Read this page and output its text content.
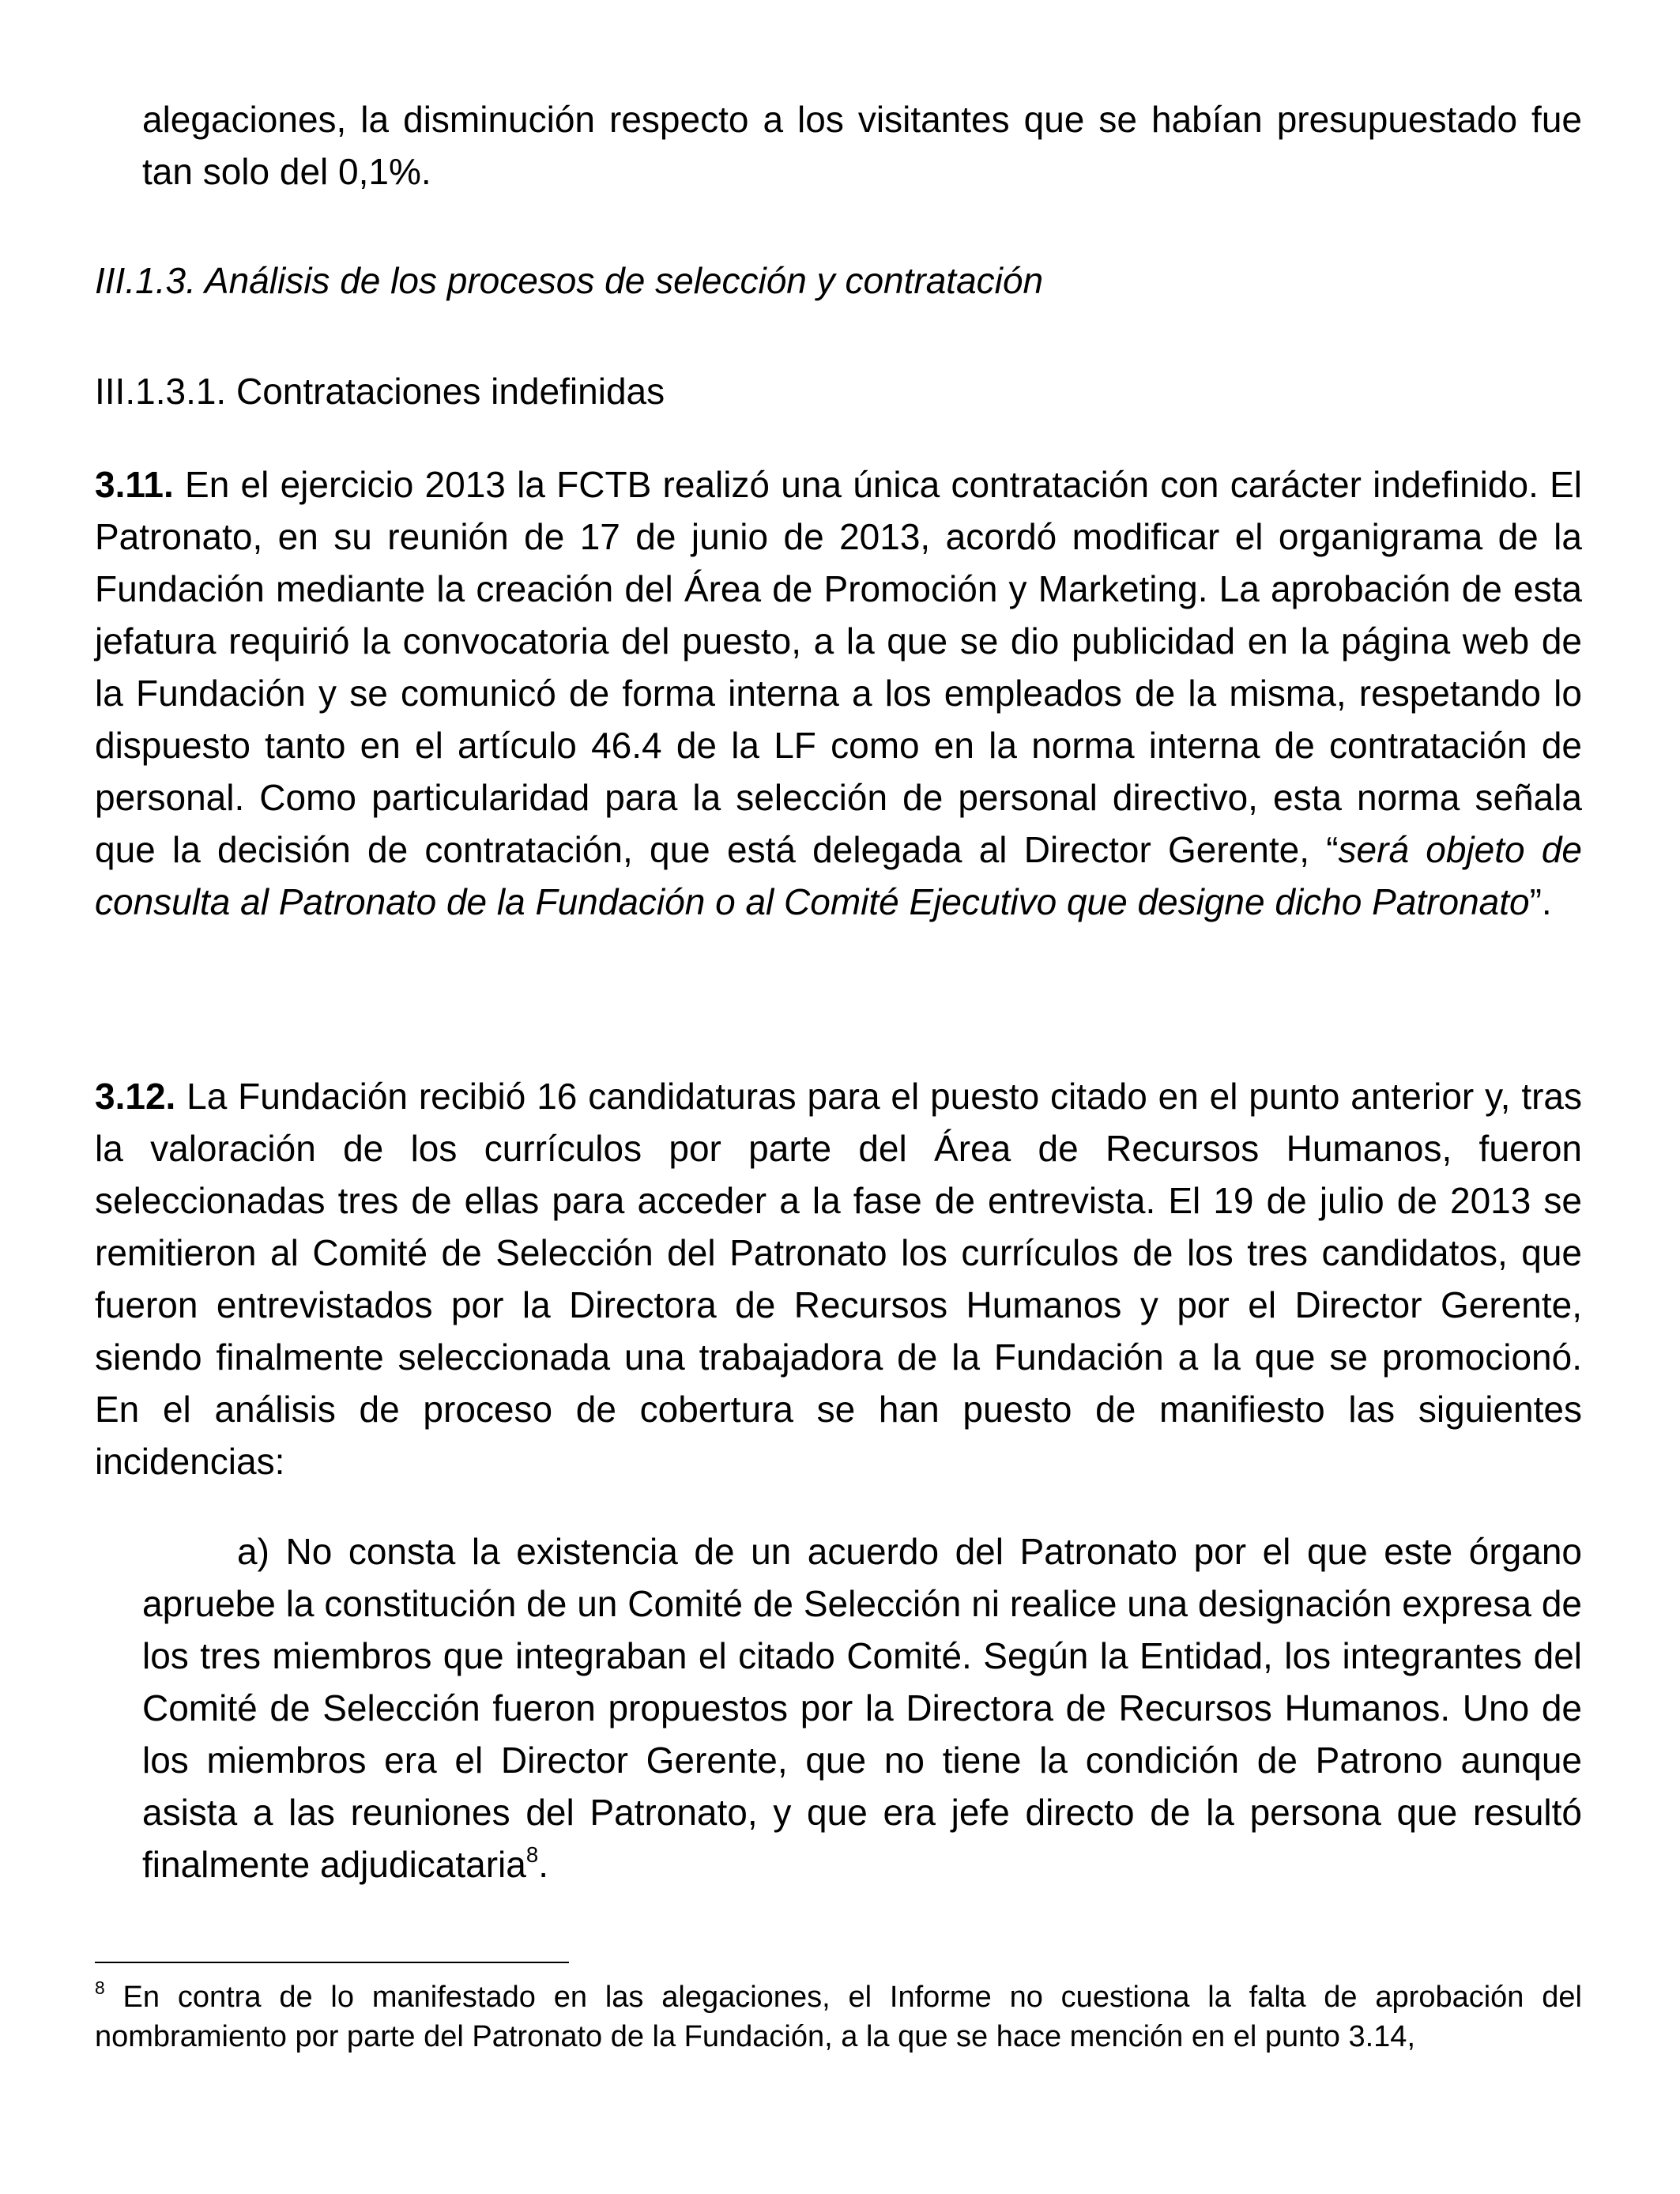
alegaciones, la disminución respecto a los visitantes que se habían presupuestado fue tan solo del 0,1%.

III.1.3. Análisis de los procesos de selección y contratación

III.1.3.1. Contrataciones indefinidas

3.11. En el ejercicio 2013 la FCTB realizó una única contratación con carácter indefinido. El Patronato, en su reunión de 17 de junio de 2013, acordó modificar el organigrama de la Fundación mediante la creación del Área de Promoción y Marketing. La aprobación de esta jefatura requirió la convocatoria del puesto, a la que se dio publicidad en la página web de la Fundación y se comunicó de forma interna a los empleados de la misma, respetando lo dispuesto tanto en el artículo 46.4 de la LF como en la norma interna de contratación de personal. Como particularidad para la selección de personal directivo, esta norma señala que la decisión de contratación, que está delegada al Director Gerente, “será objeto de consulta al Patronato de la Fundación o al Comité Ejecutivo que designe dicho Patronato”.

3.12. La Fundación recibió 16 candidaturas para el puesto citado en el punto anterior y, tras la valoración de los currículos por parte del Área de Recursos Humanos, fueron seleccionadas tres de ellas para acceder a la fase de entrevista. El 19 de julio de 2013 se remitieron al Comité de Selección del Patronato los currículos de los tres candidatos, que fueron entrevistados por la Directora de Recursos Humanos y por el Director Gerente, siendo finalmente seleccionada una trabajadora de la Fundación a la que se promocionó. En el análisis de proceso de cobertura se han puesto de manifiesto las siguientes incidencias:

a) No consta la existencia de un acuerdo del Patronato por el que este órgano apruebe la constitución de un Comité de Selección ni realice una designación expresa de los tres miembros que integraban el citado Comité. Según la Entidad, los integrantes del Comité de Selección fueron propuestos por la Directora de Recursos Humanos. Uno de los miembros era el Director Gerente, que no tiene la condición de Patrono aunque asista a las reuniones del Patronato, y que era jefe directo de la persona que resultó finalmente adjudicataria$^8$.

$^8$ En contra de lo manifestado en las alegaciones, el Informe no cuestiona la falta de aprobación del nombramiento por parte del Patronato de la Fundación, a la que se hace mención en el punto 3.14,
